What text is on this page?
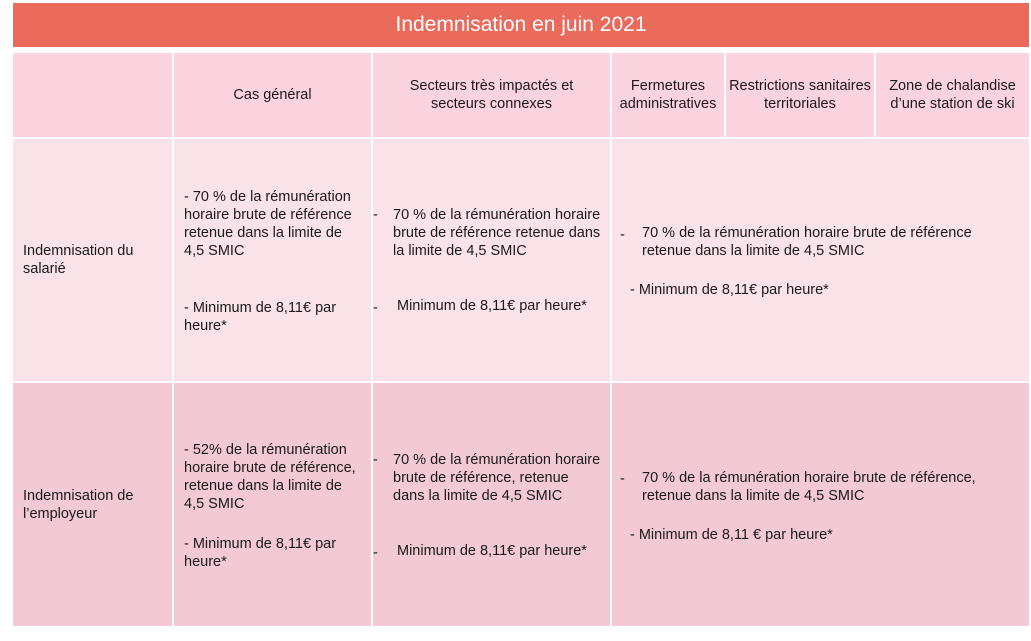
Indemnisation en juin 2021
Cas général
Secteurs très impactés et secteurs connexes
Fermetures administratives
Restrictions sanitaires territoriales
Zone de chalandise d’une station de ski
Indemnisation du salarié
- 70 % de la rémunération horaire brute de référence retenue dans la limite de 4,5 SMIC
- Minimum de 8,11€ par heure*
- 70 % de la rémunération horaire brute de référence retenue dans la limite de 4,5 SMIC
- Minimum de 8,11€ par heure*
- 70 % de la rémunération horaire brute de référence retenue dans la limite de 4,5 SMIC
- Minimum de 8,11€ par heure*
Indemnisation de l’employeur
- 52% de la rémunération horaire brute de référence, retenue dans la limite de 4,5 SMIC
- Minimum de 8,11€ par heure*
- 70 % de la rémunération horaire brute de référence, retenue dans la limite de 4,5 SMIC
- Minimum de 8,11€ par heure*
- 70 % de la rémunération horaire brute de référence, retenue dans la limite de 4,5 SMIC
- Minimum de 8,11 € par heure*
